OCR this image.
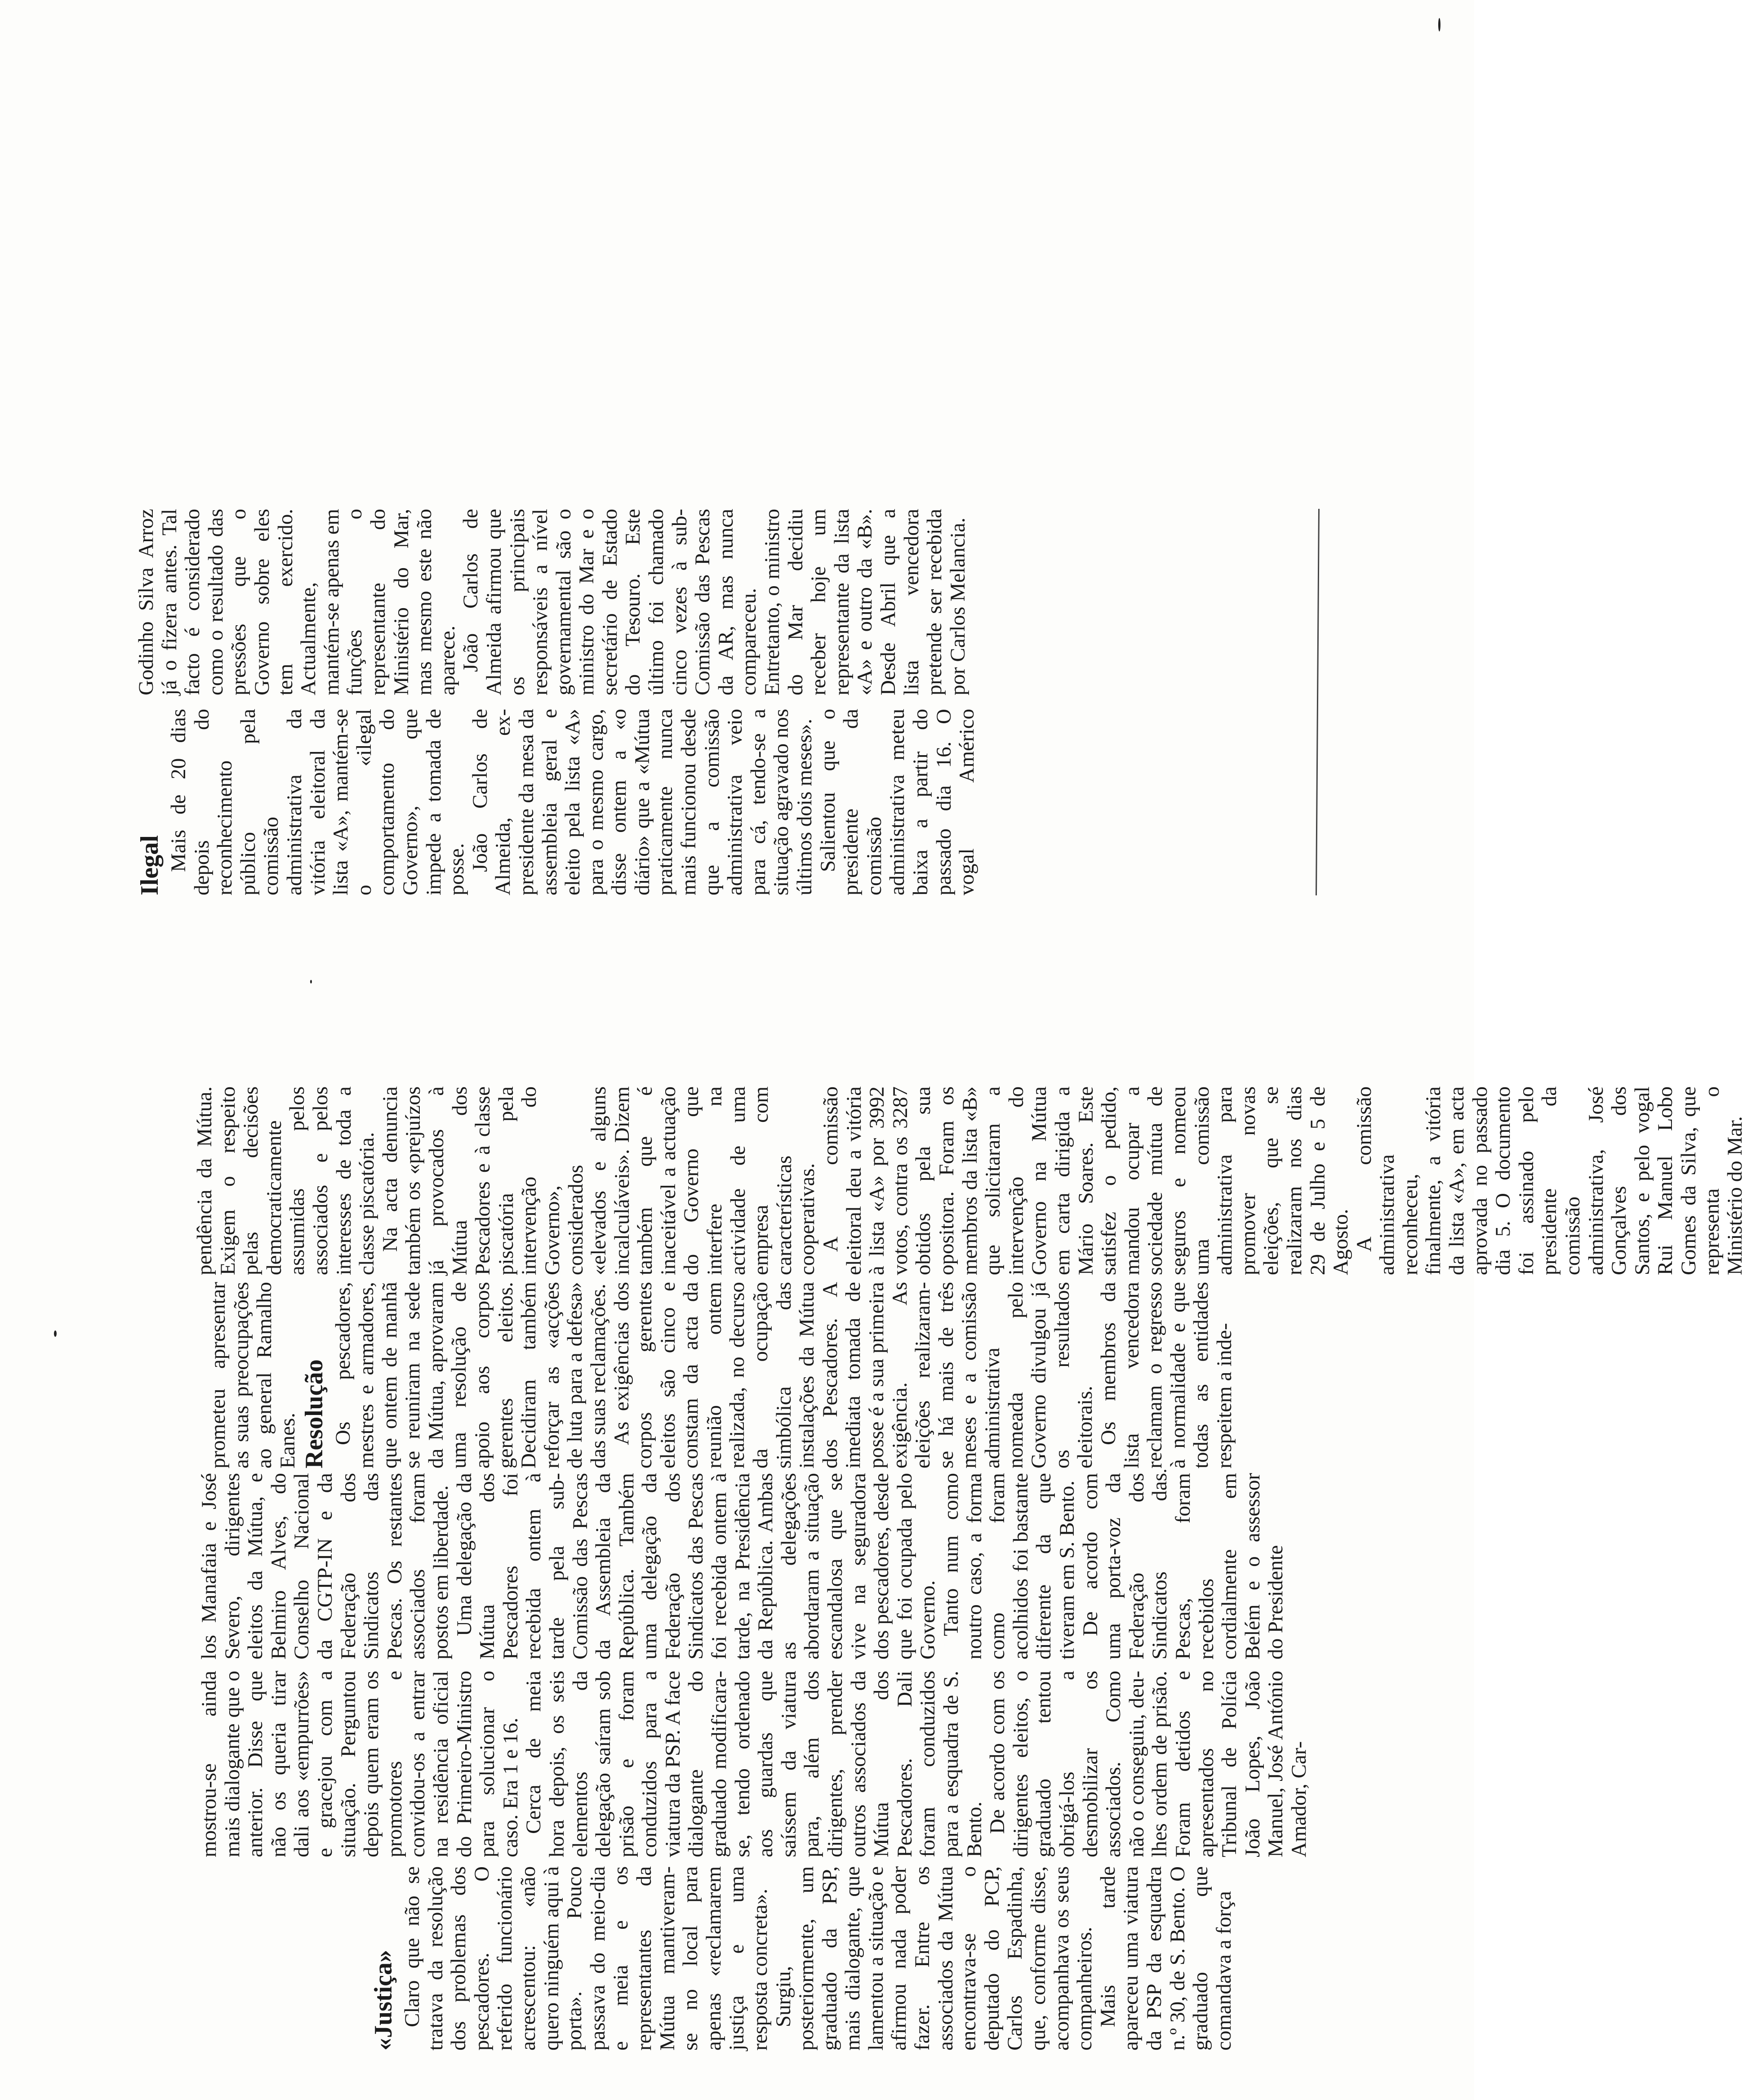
«Justiça» Claro que não se tratava da resolução dos problemas dos pescadores. O referido funcionário acrescentou: «não quero ninguém aqui à porta». Pouco passava do meio-dia e meia e os representantes da Mútua mantiveram-se no local para apenas «reclamarem justiça e uma resposta concreta». Surgiu, posteriormente, um graduado da PSP, mais dialogante, que lamentou a situação e afirmou nada poder fazer. Entre os associados da Mútua encontrava-se o deputado do PCP, Carlos Espadinha, que, conforme disse, acompanhava os seus companheiros. Mais tarde apareceu uma viatura da PSP da esquadra n.º 30, de S. Bento. O graduado que comandava a força

mostrou-se ainda mais dialogante que o anterior. Disse que não os queria tirar dali aos «empurrões» e gracejou com a situação. Perguntou depois quem eram os promotores e convidou-os a entrar na residência oficial do Primeiro-Ministro para solucionar o caso. Era 1 e 16. Cerca de meia hora depois, os seis elementos da delegação saíram sob prisão e foram conduzidos para a viatura da PSP. A face dialogante do graduado modificara-se, tendo ordenado aos guardas que saíssem da viatura para, além dos dirigentes, prender outros associados da Mútua dos Pescadores. Dali foram conduzidos para a esquadra de S. Bento. De acordo com os dirigentes eleitos, o graduado tentou obrigá-los a desmobilizar os associados. Como não o conseguiu, deu-lhes ordem de prisão. Foram detidos e apresentados no Tribunal de Polícia João Lopes, João Manuel, José António Amador, Car-

los Manafaia e José Severo, dirigentes eleitos da Mútua, e Belmiro Alves, do Conselho Nacional da CGTP-IN e da Federação dos Sindicatos das Pescas. Os restantes associados foram postos em liberdade. Uma delegação da Mútua dos Pescadores foi recebida ontem à tarde pela sub-Comissão das Pescas da Assembleia da República. Também uma delegação da Federação dos Sindicatos das Pescas foi recebida ontem à tarde, na Presidência da República. Ambas as delegações abordaram a situação escandalosa que se vive na seguradora dos pescadores, desde que foi ocupada pelo Governo. Tanto num como noutro caso, a forma como foram acolhidos foi bastante diferente da que tiveram em S. Bento. De acordo com uma porta-voz da Federação dos Sindicatos das Pescas, foram recebidos cordialmente em Belém e o assessor do Presidente

prometeu apresentar as suas preocupações ao general Ramalho Eanes. Resolução Os pescadores, mestres e armadores, que ontem de manhã se reuniram na sede da Mútua, aprovaram uma resolução de apoio aos corpos gerentes eleitos. Decidiram também reforçar as «acções de luta para a defesa» das suas reclamações. As exigências dos corpos gerentes eleitos são cinco e constam da acta da reunião ontem realizada, no decurso da ocupação simbólica das instalações da Mútua dos Pescadores. A imediata tomada de posse é a sua primeira exigência. As eleições realizaram-se há mais de três meses e a comissão administrativa nomeada pelo Governo divulgou já os resultados eleitorais. Os membros da lista vencedora reclamam o regresso à normalidade e que todas as entidades respeitem a inde-

pendência da Mútua. Exigem o respeito pelas decisões democraticamente assumidas pelos associados e pelos interesses de toda a classe piscatória. Na acta denuncia também os «prejuízos já provocados à Mútua dos Pescadores e à classe piscatória pela intervenção do Governo», considerados «elevados e alguns incalculáveis». Dizem também que é inaceitável a actuação do Governo que interfere na actividade de uma empresa com características cooperativas. A comissão eleitoral deu a vitória à lista «A» por 3992 votos, contra os 3287 obtidos pela sua opositora. Foram os membros da lista «B» que solicitaram a intervenção do Governo na Mútua em carta dirigida a Mário Soares. Este satisfez o pedido, mandou ocupar a sociedade mútua de seguros e nomeou uma comissão administrativa para promover novas eleições, que se realizaram nos dias 29 de Julho e 5 de Agosto. A comissão administrativa reconheceu, finalmente, a vitória da lista «A», em acta aprovada no passado dia 5. O documento foi assinado pelo presidente da comissão administrativa, José Gonçalves dos Santos, e pelo vogal Rui Manuel Lobo Gomes da Silva, que representa o Ministério do Mar.

Ilegal Mais de 20 dias depois do reconhecimento público pela comissão administrativa da vitória eleitoral da lista «A», mantém-se o «ilegal comportamento do Governo», que impede a tomada de posse. João Carlos de Almeida, ex-presidente da mesa da assembleia geral e eleito pela lista «A» para o mesmo cargo, disse ontem a «o diário» que a «Mútua praticamente nunca mais funcionou desde que a comissão administrativa veio para cá, tendo-se a situação agravado nos últimos dois meses». Salientou que o presidente da comissão administrativa meteu baixa a partir do passado dia 16. O vogal Américo Godinho Silva Arroz já o fizera antes. Tal facto é considerado como o resultado das pressões que o Governo sobre eles tem exercido. Actualmente, mantém-se apenas em funções o representante do Ministério do Mar, mas mesmo este não aparece. João Carlos de Almeida afirmou que os principais responsáveis a nível governamental são o ministro do Mar e o secretário de Estado do Tesouro. Este último foi chamado cinco vezes à sub-Comissão das Pescas da AR, mas nunca compareceu. Entretanto, o ministro do Mar decidiu receber hoje um representante da lista «A» e outro da «B». Desde Abril que a lista vencedora pretende ser recebida por Carlos Melancia.
